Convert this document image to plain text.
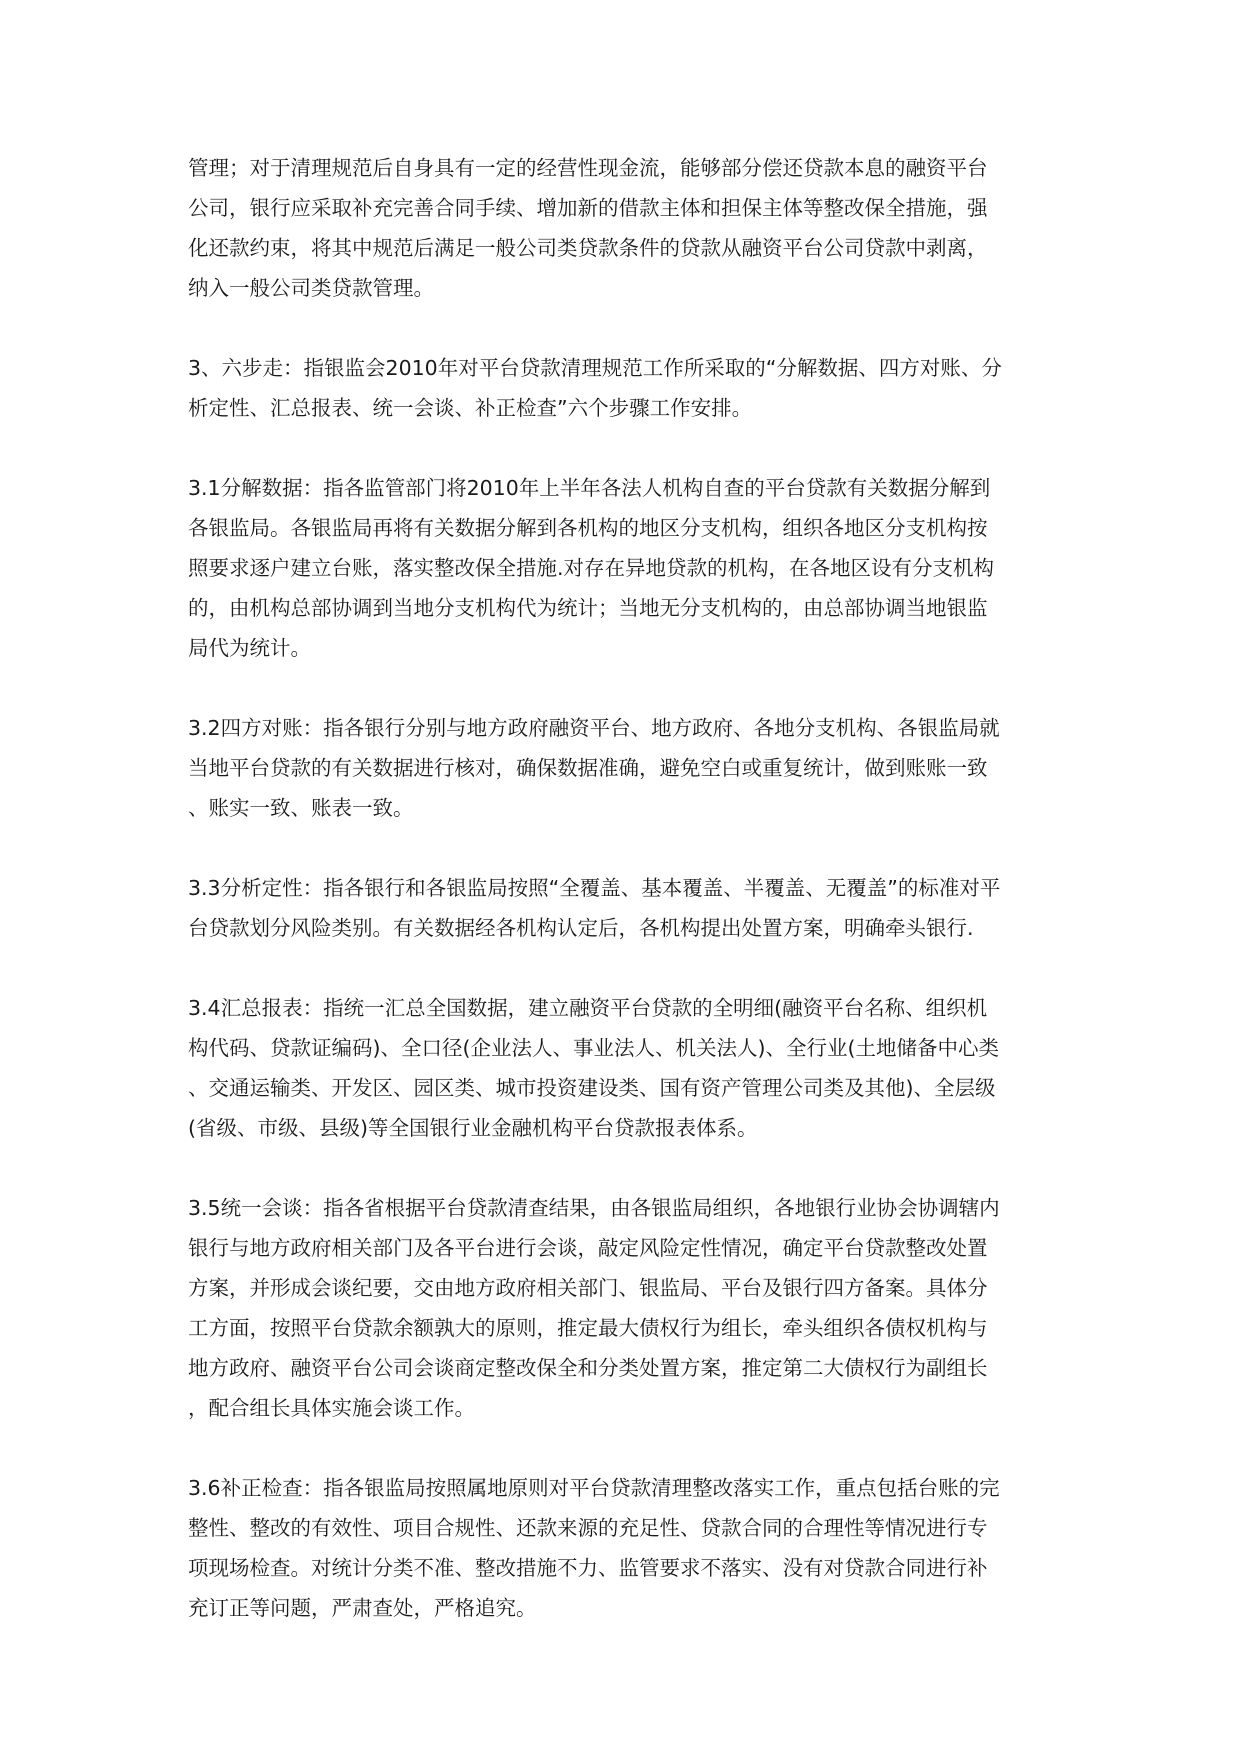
管理；对于清理规范后自身具有一定的经营性现金流，能够部分偿还贷款本息的融资平台
公司，银行应采取补充完善合同手续、增加新的借款主体和担保主体等整改保全措施，强
化还款约束，将其中规范后满足一般公司类贷款条件的贷款从融资平台公司贷款中剥离，
纳入一般公司类贷款管理。
3、六步走：指银监会2010年对平台贷款清理规范工作所采取的“分解数据、四方对账、分
析定性、汇总报表、统一会谈、补正检查”六个步骤工作安排。
3.1分解数据：指各监管部门将2010年上半年各法人机构自查的平台贷款有关数据分解到
各银监局。各银监局再将有关数据分解到各机构的地区分支机构，组织各地区分支机构按
照要求逐户建立台账，落实整改保全措施.对存在异地贷款的机构，在各地区设有分支机构
的，由机构总部协调到当地分支机构代为统计；当地无分支机构的，由总部协调当地银监
局代为统计。
3.2四方对账：指各银行分别与地方政府融资平台、地方政府、各地分支机构、各银监局就
当地平台贷款的有关数据进行核对，确保数据准确，避免空白或重复统计，做到账账一致
、账实一致、账表一致。
3.3分析定性：指各银行和各银监局按照“全覆盖、基本覆盖、半覆盖、无覆盖”的标准对平
台贷款划分风险类别。有关数据经各机构认定后，各机构提出处置方案，明确牵头银行.
3.4汇总报表：指统一汇总全国数据，建立融资平台贷款的全明细(融资平台名称、组织机
构代码、贷款证编码)、全口径(企业法人、事业法人、机关法人)、全行业(土地储备中心类
、交通运输类、开发区、园区类、城市投资建设类、国有资产管理公司类及其他)、全层级
(省级、市级、县级)等全国银行业金融机构平台贷款报表体系。
3.5统一会谈：指各省根据平台贷款清查结果，由各银监局组织，各地银行业协会协调辖内
银行与地方政府相关部门及各平台进行会谈，敲定风险定性情况，确定平台贷款整改处置
方案，并形成会谈纪要，交由地方政府相关部门、银监局、平台及银行四方备案。具体分
工方面，按照平台贷款余额孰大的原则，推定最大债权行为组长，牵头组织各债权机构与
地方政府、融资平台公司会谈商定整改保全和分类处置方案，推定第二大债权行为副组长
，配合组长具体实施会谈工作。
3.6补正检查：指各银监局按照属地原则对平台贷款清理整改落实工作，重点包括台账的完
整性、整改的有效性、项目合规性、还款来源的充足性、贷款合同的合理性等情况进行专
项现场检查。对统计分类不准、整改措施不力、监管要求不落实、没有对贷款合同进行补
充订正等问题，严肃查处，严格追究。
